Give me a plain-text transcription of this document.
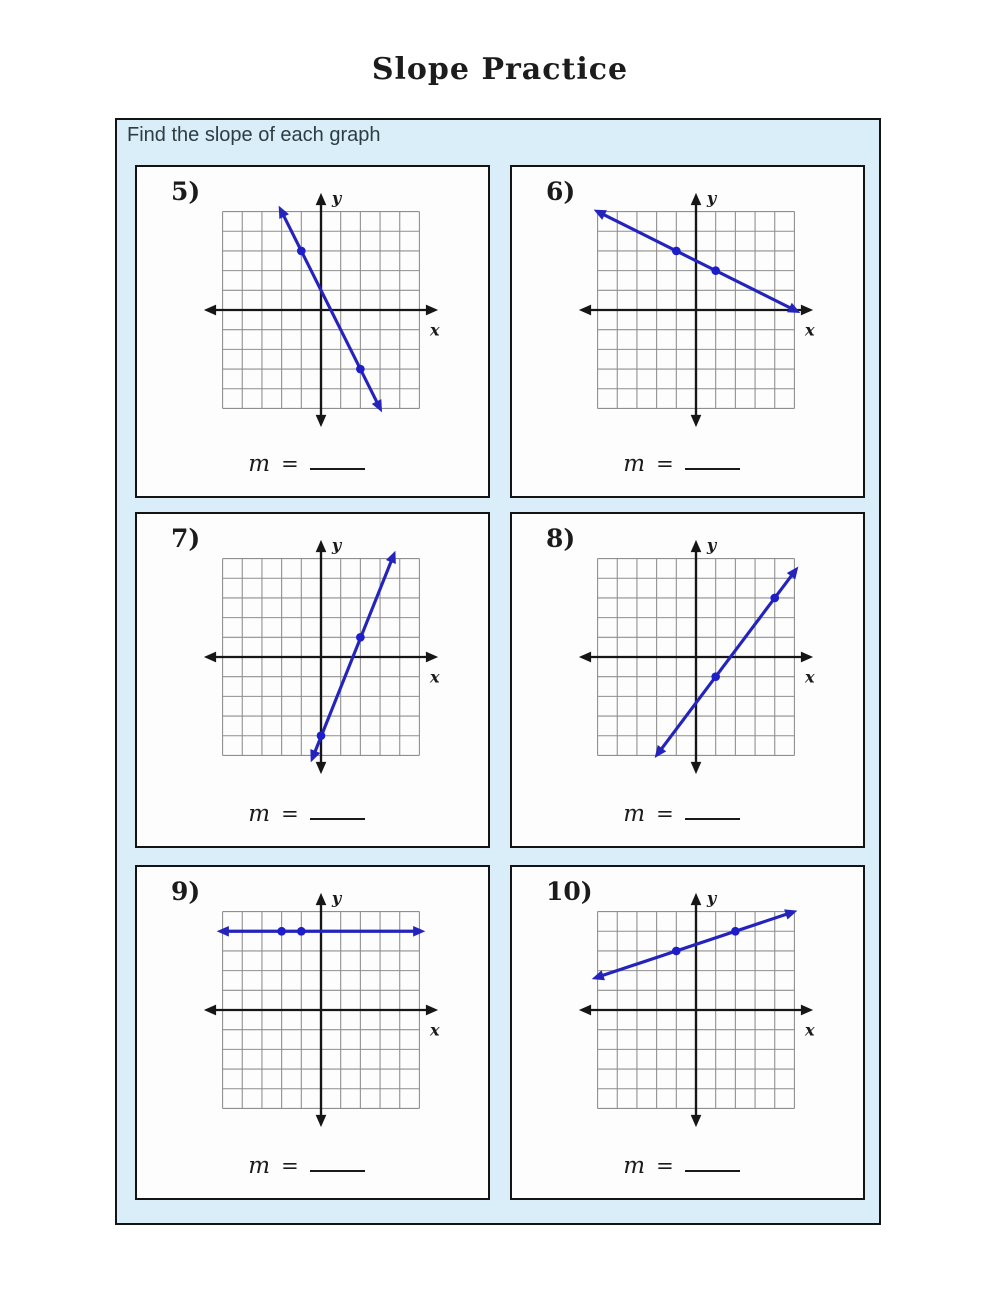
Slope Practice
Find the slope of each graph
5)
m =
6)
m =
7)
m =
8)
m =
9)
m =
10)
m =
